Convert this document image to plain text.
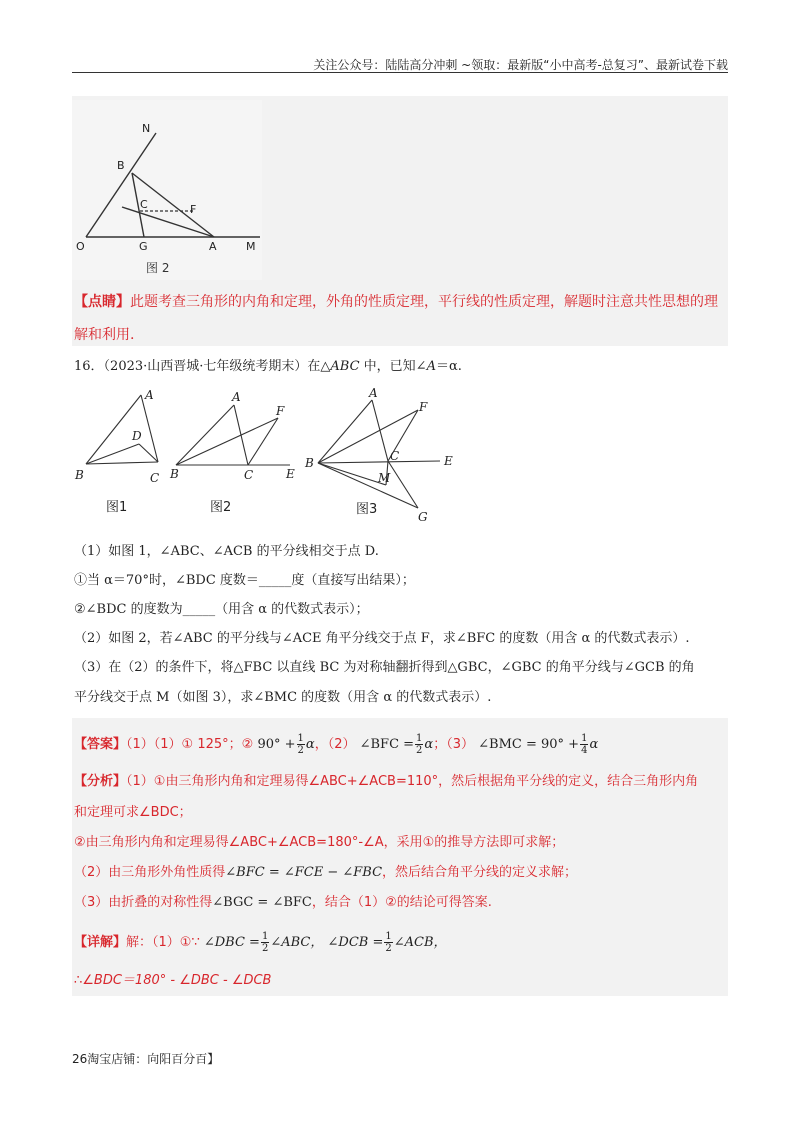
关注公众号：陆陆高分冲刺 ~领取：最新版“小中高考-总复习”、最新试卷下载
N
B
C	F
O	G	A	M
图 2
【点睛】此题考查三角形的内角和定理，外角的性质定理，平行线的性质定理，解题时注意共性思想的理
解和利用.
16．（2023·山西晋城·七年级统考期末）在△ABC 中，已知∠A＝α.
A
D
B	C
图1
A
F
B	C	E
图2
A
F
B	C	E
M
G
图3
（1）如图 1，∠ABC、∠ACB 的平分线相交于点 D.
①当 α＝70°时，∠BDC 度数＝_____度（直接写出结果）；
②∠BDC 的度数为_____（用含 α 的代数式表示）；
（2）如图 2，若∠ABC 的平分线与∠ACE 角平分线交于点 F，求∠BFC 的度数（用含 α 的代数式表示）.
（3）在（2）的条件下，将△FBC 以直线 BC 为对称轴翻折得到△GBC，∠GBC 的角平分线与∠GCB 的角
平分线交于点 M（如图 3），求∠BMC 的度数（用含 α 的代数式表示）.
【答案】（1）（1）① 125°；② $90^\circ + \frac{1}{2}$ α，（2） ∠BFC = $\frac{1}{2}$ α；（3） ∠BMC = $90^\circ + \frac{1}{4}$ α
【分析】（1）①由三角形内角和定理易得∠ABC+∠ACB=110°，然后根据角平分线的定义，结合三角形内角
和定理可求∠BDC；
②由三角形内角和定理易得∠ABC+∠ACB=180°-∠A，采用①的推导方法即可求解；
（2）由三角形外角性质得∠BFC = ∠FCE − ∠FBC，然后结合角平分线的定义求解；
（3）由折叠的对称性得∠BGC = ∠BFC，结合（1）②的结论可得答案.
【详解】解：（1）①∵ ∠DBC = $\frac{1}{2}$ ∠ABC， ∠DCB = $\frac{1}{2}$ ∠ACB，
∴∠BDC＝180° - ∠DBC - ∠DCB
26淘宝店铺：向阳百分百】
